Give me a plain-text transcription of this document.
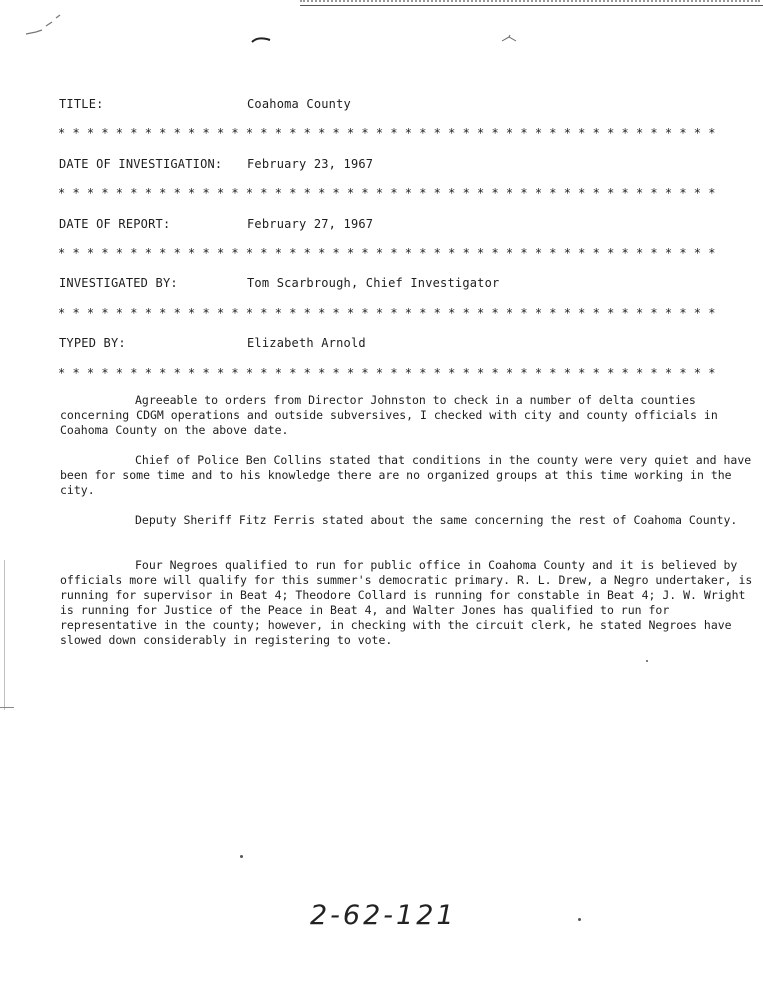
TITLE:	Coahoma County
* * * * * * * * * * * * * * * * * * * * * * * * * * * * * * * * * * * * * * * * * * * * * *
DATE OF INVESTIGATION: February 23, 1967
* * * * * * * * * * * * * * * * * * * * * * * * * * * * * * * * * * * * * * * * * * * * * *
DATE OF REPORT:	February 27, 1967
* * * * * * * * * * * * * * * * * * * * * * * * * * * * * * * * * * * * * * * * * * * * * *
INVESTIGATED BY:	Tom Scarbrough, Chief Investigator
* * * * * * * * * * * * * * * * * * * * * * * * * * * * * * * * * * * * * * * * * * * * * *
TYPED BY:	Elizabeth Arnold
* * * * * * * * * * * * * * * * * * * * * * * * * * * * * * * * * * * * * * * * * * * * * *

Agreeable to orders from Director Johnston to check in a number of delta counties concerning CDGM operations and outside subversives, I checked with city and county officials in Coahoma County on the above date.

Chief of Police Ben Collins stated that conditions in the county were very quiet and have been for some time and to his knowledge there are no organized groups at this time working in the city.

Deputy Sheriff Fitz Ferris stated about the same concerning the rest of Coahoma County.

Four Negroes qualified to run for public office in Coahoma County and it is believed by officials more will qualify for this summer's democratic primary. R. L. Drew, a Negro undertaker, is running for supervisor in Beat 4; Theodore Collard is running for constable in Beat 4; J. W. Wright is running for Justice of the Peace in Beat 4, and Walter Jones has qualified to run for representative in the county; however, in checking with the circuit clerk, he stated Negroes have slowed down considerably in registering to vote.

2-62-121
